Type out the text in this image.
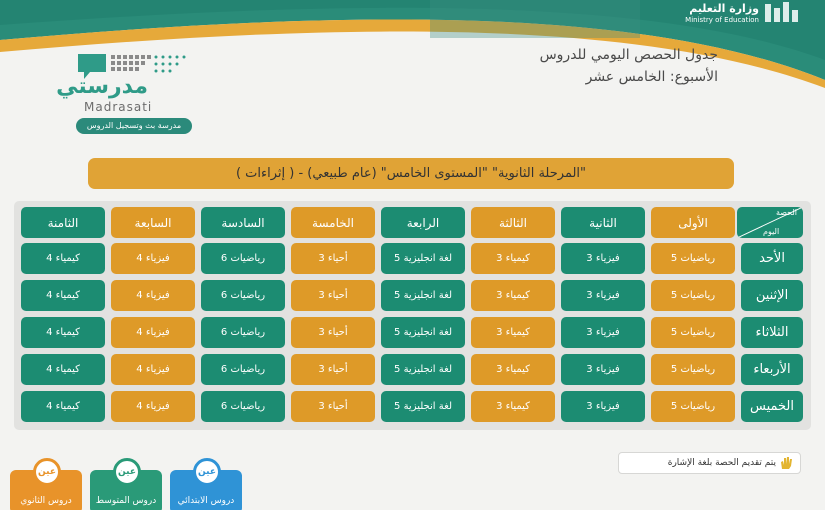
وزارة التعليم
Ministry of Education
جدول الحصص اليومي للدروس
الأسبوع: الخامس عشر
مدرستي
Madrasati
مدرسة بث وتسجيل الدروس
"المرحلة الثانوية" "المستوى الخامس" (عام طبيعي) - ( إثراءات )
الحصة
اليوم
الأولى
الثانية
الثالثة
الرابعة
الخامسة
السادسة
السابعة
الثامنة
الأحد
رياضيات 5
فيزياء 3
كيمياء 3
لغة انجليزية 5
أحياء 3
رياضيات 6
فيزياء 4
كيمياء 4
الإثنين
رياضيات 5
فيزياء 3
كيمياء 3
لغة انجليزية 5
أحياء 3
رياضيات 6
فيزياء 4
كيمياء 4
الثلاثاء
رياضيات 5
فيزياء 3
كيمياء 3
لغة انجليزية 5
أحياء 3
رياضيات 6
فيزياء 4
كيمياء 4
الأربعاء
رياضيات 5
فيزياء 3
كيمياء 3
لغة انجليزية 5
أحياء 3
رياضيات 6
فيزياء 4
كيمياء 4
الخميس
رياضيات 5
فيزياء 3
كيمياء 3
لغة انجليزية 5
أحياء 3
رياضيات 6
فيزياء 4
كيمياء 4
يتم تقديم الحصة بلغة الإشارة
عين
دروس الابتدائي
عين
دروس المتوسط
عين
دروس الثانوي
